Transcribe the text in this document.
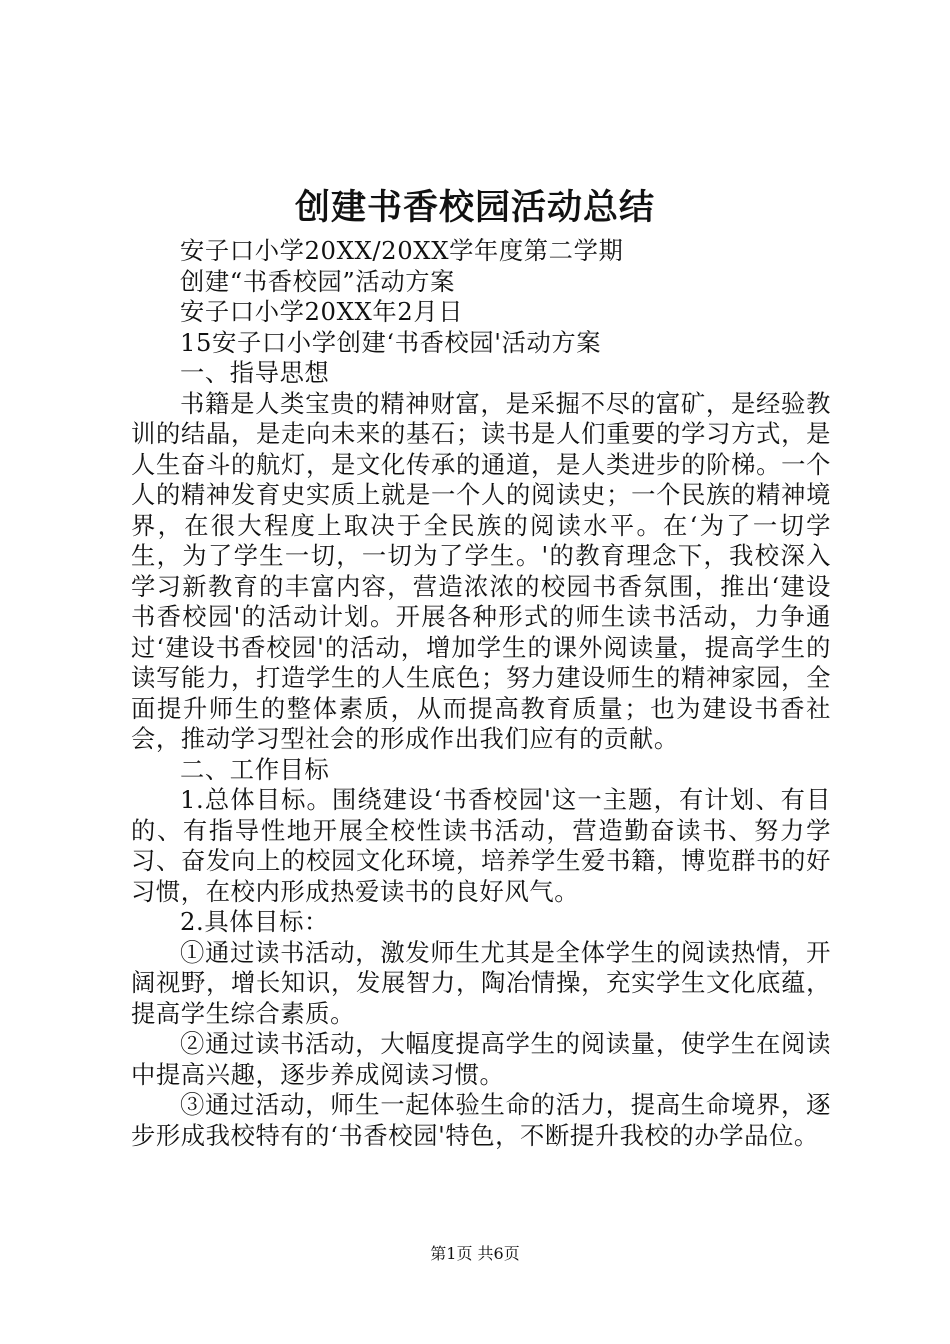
创建书香校园活动总结

安子口小学20XX/20XX学年度第二学期

创建“书香校园”活动方案

安子口小学20XX年2月日

15安子口小学创建‘书香校园'活动方案

一、指导思想

书籍是人类宝贵的精神财富，是采掘不尽的富矿，是经验教训的结晶，是走向未来的基石；读书是人们重要的学习方式，是人生奋斗的航灯，是文化传承的通道，是人类进步的阶梯。一个人的精神发育史实质上就是一个人的阅读史；一个民族的精神境界，在很大程度上取决于全民族的阅读水平。在‘为了一切学生，为了学生一切，一切为了学生。'的教育理念下，我校深入学习新教育的丰富内容，营造浓浓的校园书香氛围，推出‘建设书香校园'的活动计划。开展各种形式的师生读书活动，力争通过‘建设书香校园'的活动，增加学生的课外阅读量，提高学生的读写能力，打造学生的人生底色；努力建设师生的精神家园，全面提升师生的整体素质，从而提高教育质量；也为建设书香社会，推动学习型社会的形成作出我们应有的贡献。

二、工作目标

1.总体目标。围绕建设‘书香校园'这一主题，有计划、有目的、有指导性地开展全校性读书活动，营造勤奋读书、努力学习、奋发向上的校园文化环境，培养学生爱书籍，博览群书的好习惯，在校内形成热爱读书的良好风气。

2.具体目标：

①通过读书活动，激发师生尤其是全体学生的阅读热情，开阔视野，增长知识，发展智力，陶冶情操，充实学生文化底蕴，提高学生综合素质。

②通过读书活动，大幅度提高学生的阅读量，使学生在阅读中提高兴趣，逐步养成阅读习惯。

③通过活动，师生一起体验生命的活力，提高生命境界，逐步形成我校特有的‘书香校园'特色，不断提升我校的办学品位。

第1页 共6页
